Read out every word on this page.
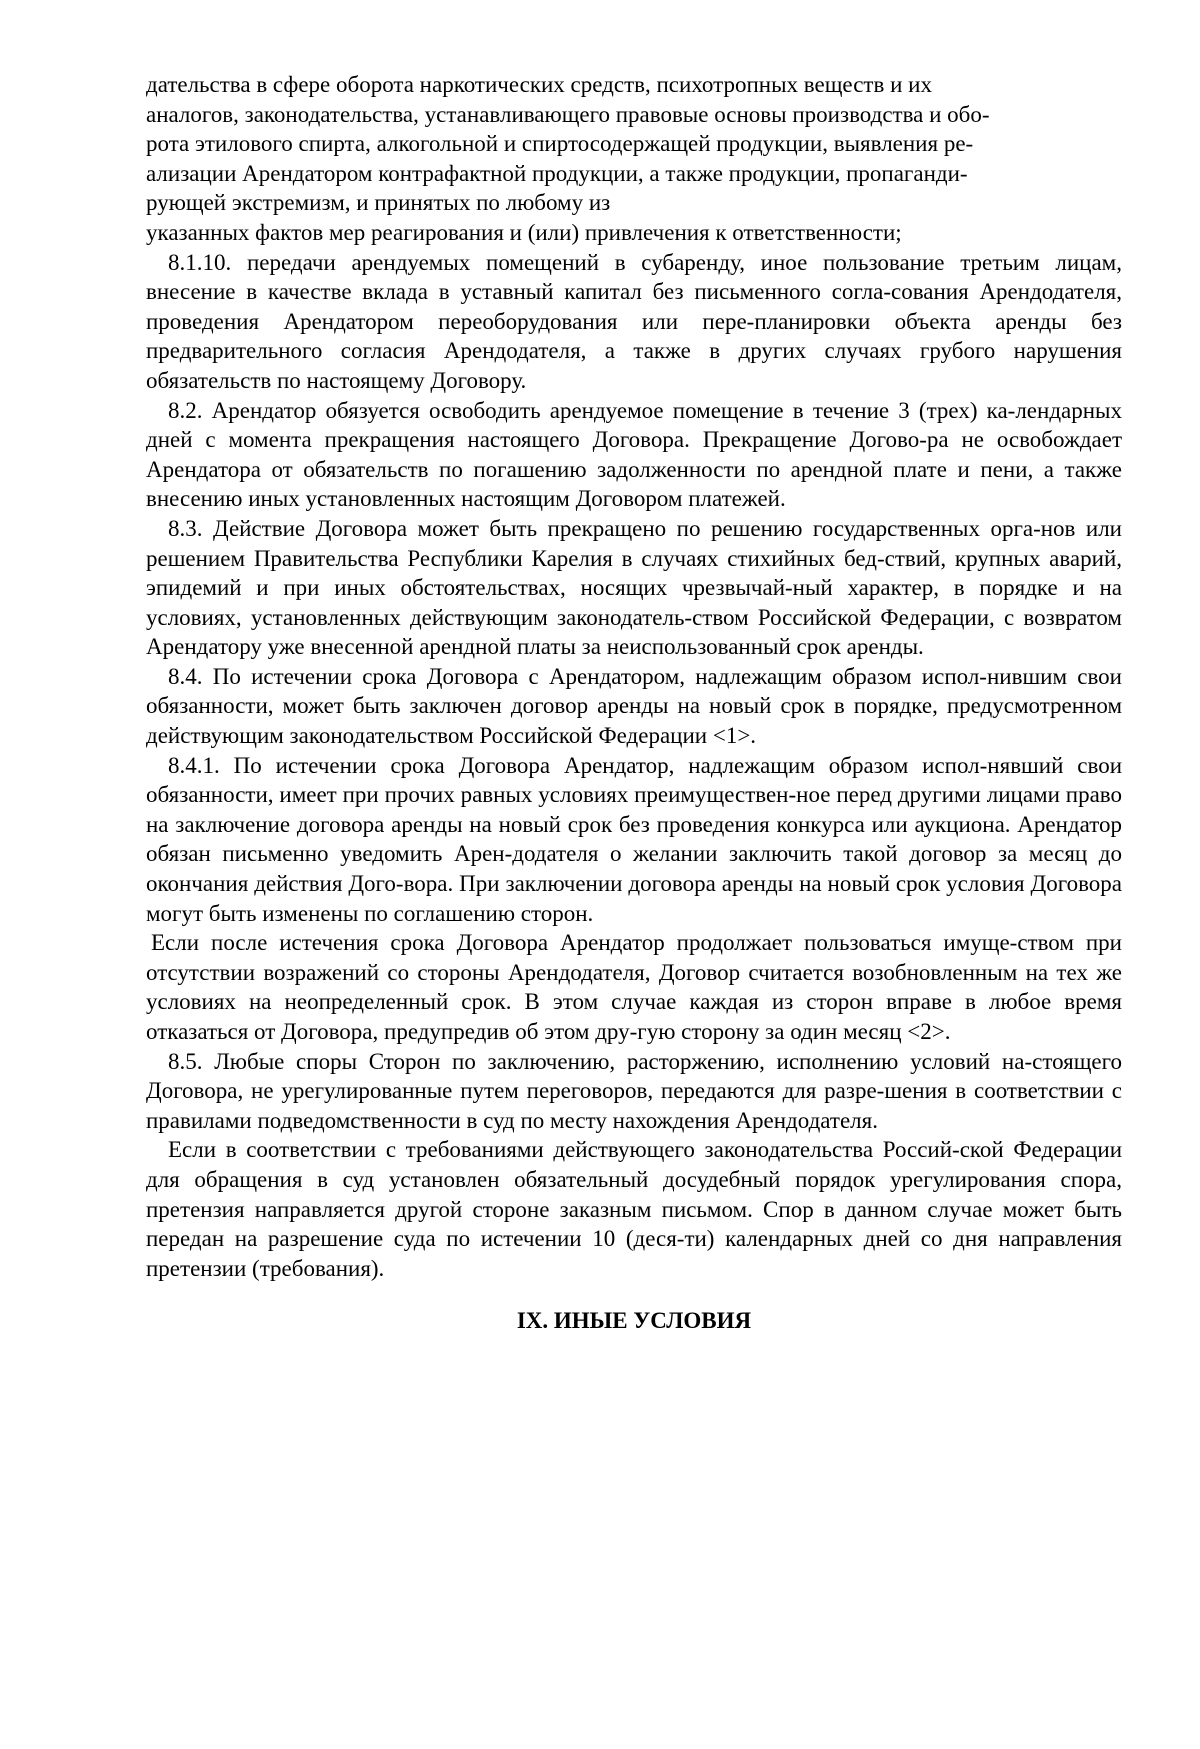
дательства в сфере оборота наркотических средств, психотропных веществ и их
аналогов, законодательства, устанавливающего правовые основы производства и обо-
рота этилового спирта, алкогольной и спиртосодержащей продукции, выявления ре-
ализации Арендатором контрафактной продукции, а также продукции, пропаганди-
рующей экстремизм, и принятых по любому из
указанных фактов мер реагирования и (или) привлечения к ответственности;

8.1.10. передачи арендуемых помещений в субаренду, иное пользование третьим лицам, внесение в качестве вклада в уставный капитал без письменного согла-сования Арендодателя, проведения Арендатором переоборудования или пере-планировки объекта аренды без предварительного согласия Арендодателя, а также в других случаях грубого нарушения обязательств по настоящему Договору.

8.2. Арендатор обязуется освободить арендуемое помещение в течение 3 (трех) ка-лендарных дней с момента прекращения настоящего Договора. Прекращение Догово-ра не освобождает Арендатора от обязательств по погашению задолженности по арендной плате и пени, а также внесению иных установленных настоящим Договором платежей.

8.3. Действие Договора может быть прекращено по решению государственных орга-нов или решением Правительства Республики Карелия в случаях стихийных бед-ствий, крупных аварий, эпидемий и при иных обстоятельствах, носящих чрезвычай-ный характер, в порядке и на условиях, установленных действующим законодатель-ством Российской Федерации, с возвратом Арендатору уже внесенной арендной платы за неиспользованный срок аренды.

8.4. По истечении срока Договора с Арендатором, надлежащим образом испол-нившим свои обязанности, может быть заключен договор аренды на новый срок в порядке, предусмотренном действующим законодательством Российской Федерации <1>.

8.4.1. По истечении срока Договора Арендатор, надлежащим образом испол-нявший свои обязанности, имеет при прочих равных условиях преимуществен-ное перед другими лицами право на заключение договора аренды на новый срок без проведения конкурса или аукциона. Арендатор обязан письменно уведомить Арен-додателя о желании заключить такой договор за месяц до окончания действия Дого-вора. При заключении договора аренды на новый срок условия Договора могут быть изменены по соглашению сторон.

Если после истечения срока Договора Арендатор продолжает пользоваться имуще-ством при отсутствии возражений со стороны Арендодателя, Договор считается возобновленным на тех же условиях на неопределенный срок. В этом случае каждая из сторон вправе в любое время отказаться от Договора, предупредив об этом дру-гую сторону за один месяц <2>.

8.5. Любые споры Сторон по заключению, расторжению, исполнению условий на-стоящего Договора, не урегулированные путем переговоров, передаются для разре-шения в соответствии с правилами подведомственности в суд по месту нахождения Арендодателя.

Если в соответствии с требованиями действующего законодательства Россий-ской Федерации для обращения в суд установлен обязательный досудебный порядок урегулирования спора, претензия направляется другой стороне заказным письмом. Спор в данном случае может быть передан на разрешение суда по истечении 10 (деся-ти) календарных дней со дня направления претензии (требования).

IX. ИНЫЕ УСЛОВИЯ
